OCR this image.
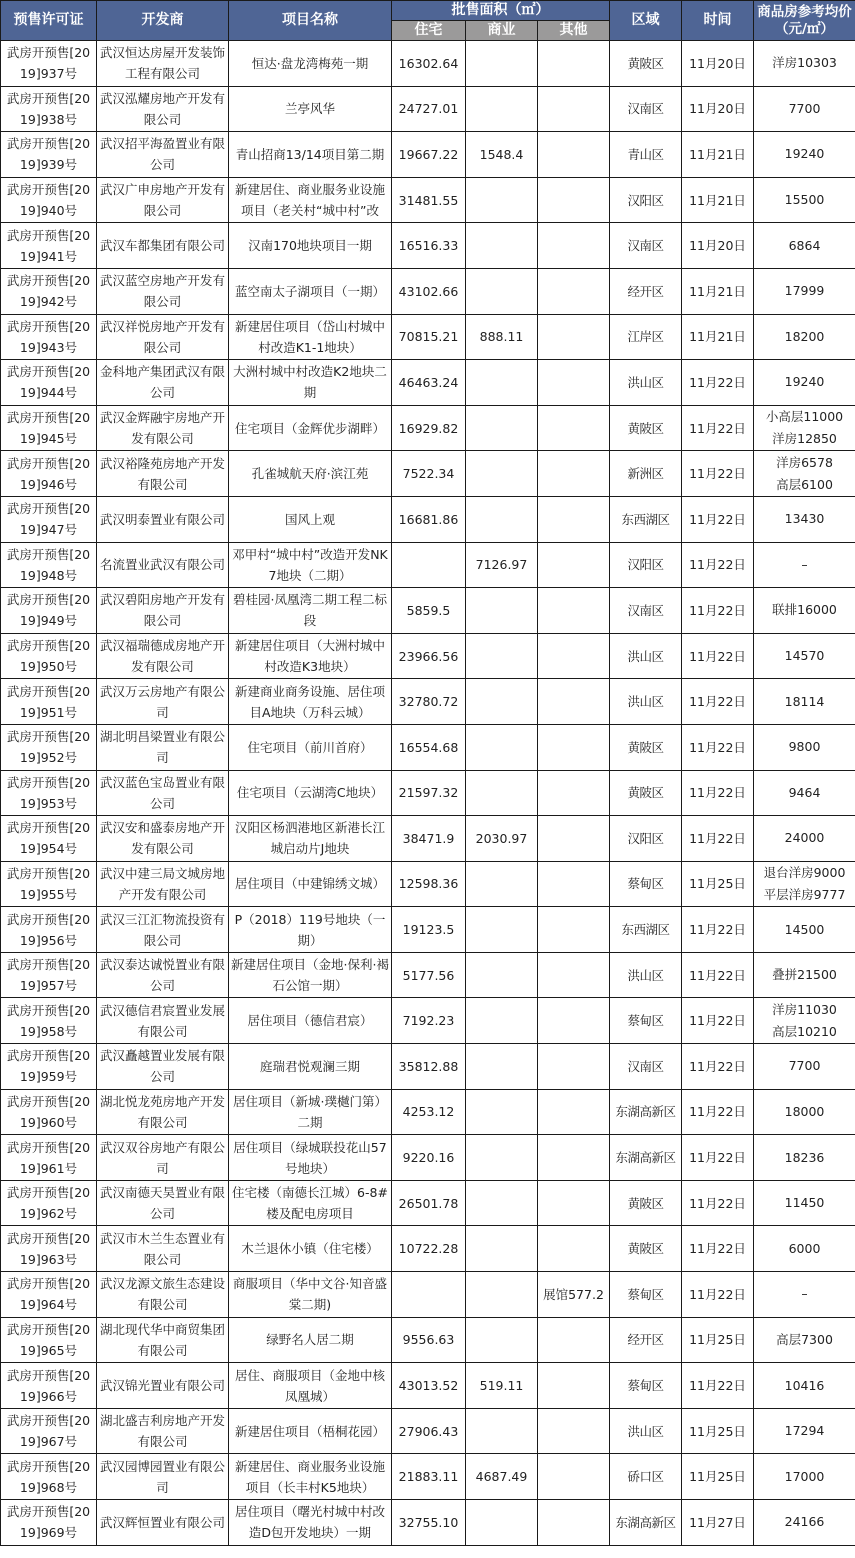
预售许可证	开发商	项目名称	批售面积（㎡）			区域	时间	商品房参考均价（元/㎡）
			住宅	商业	其他			
武房开预售[2019]937号	武汉恒达房屋开发装饰工程有限公司	恒达·盘龙湾梅苑一期	16302.64			黄陂区	11月20日	洋房10303
武房开预售[2019]938号	武汉泓耀房地产开发有限公司	兰亭风华	24727.01			汉南区	11月20日	7700
武房开预售[2019]939号	武汉招平海盈置业有限公司	青山招商13/14项目第二期	19667.22	1548.4		青山区	11月21日	19240
武房开预售[2019]940号	武汉广申房地产开发有限公司	新建居住、商业服务业设施项目（老关村“城中村”改	31481.55			汉阳区	11月21日	15500
武房开预售[2019]941号	武汉车都集团有限公司	汉南170地块项目一期	16516.33			汉南区	11月20日	6864
武房开预售[2019]942号	武汉蓝空房地产开发有限公司	蓝空南太子湖项目（一期）	43102.66			经开区	11月21日	17999
武房开预售[2019]943号	武汉祥悦房地产开发有限公司	新建居住项目（岱山村城中村改造K1-1地块）	70815.21	888.11		江岸区	11月21日	18200
武房开预售[2019]944号	金科地产集团武汉有限公司	大洲村城中村改造K2地块二期	46463.24			洪山区	11月22日	19240
武房开预售[2019]945号	武汉金辉融宇房地产开发有限公司	住宅项目（金辉优步湖畔）	16929.82			黄陂区	11月22日	小高层11000
洋房12850
武房开预售[2019]946号	武汉裕隆苑房地产开发有限公司	孔雀城航天府·滨江苑	7522.34			新洲区	11月22日	洋房6578
高层6100
武房开预售[2019]947号	武汉明泰置业有限公司	国风上观	16681.86			东西湖区	11月22日	13430
武房开预售[2019]948号	名流置业武汉有限公司	邓甲村“城中村”改造开发NK7地块（二期）		7126.97		汉阳区	11月22日	–
武房开预售[2019]949号	武汉碧阳房地产开发有限公司	碧桂园·凤凰湾二期工程二标段	5859.5			汉南区	11月22日	联排16000
武房开预售[2019]950号	武汉福瑞德成房地产开发有限公司	新建居住项目（大洲村城中村改造K3地块）	23966.56			洪山区	11月22日	14570
武房开预售[2019]951号	武汉万云房地产有限公司	新建商业商务设施、居住项目A地块（万科云城）	32780.72			洪山区	11月22日	18114
武房开预售[2019]952号	湖北明昌梁置业有限公司	住宅项目（前川首府）	16554.68			黄陂区	11月22日	9800
武房开预售[2019]953号	武汉蓝色宝岛置业有限公司	住宅项目（云湖湾C地块）	21597.32			黄陂区	11月22日	9464
武房开预售[2019]954号	武汉安和盛泰房地产开发有限公司	汉阳区杨泗港地区新港长江城启动片J地块	38471.9	2030.97		汉阳区	11月22日	24000
武房开预售[2019]955号	武汉中建三局文城房地产开发有限公司	居住项目（中建锦绣文城）	12598.36			蔡甸区	11月25日	退台洋房9000
平层洋房9777
武房开预售[2019]956号	武汉三江汇物流投资有限公司	P（2018）119号地块（一期）	19123.5			东西湖区	11月22日	14500
武房开预售[2019]957号	武汉泰达诚悦置业有限公司	新建居住项目（金地·保利·褐石公馆一期）	5177.56			洪山区	11月22日	叠拼21500
武房开预售[2019]958号	武汉德信君宸置业发展有限公司	居住项目（德信君宸）	7192.23			蔡甸区	11月22日	洋房11030
高层10210
武房开预售[2019]959号	武汉矗越置业发展有限公司	庭瑞君悦观澜三期	35812.88			汉南区	11月22日	7700
武房开预售[2019]960号	湖北悦龙苑房地产开发有限公司	居住项目（新城·璞樾门第）二期	4253.12			东湖高新区	11月22日	18000
武房开预售[2019]961号	武汉双谷房地产有限公司	居住项目（绿城联投花山57号地块）	9220.16			东湖高新区	11月22日	18236
武房开预售[2019]962号	武汉南德天昊置业有限公司	住宅楼（南德长江城）6-8#楼及配电房项目	26501.78			黄陂区	11月22日	11450
武房开预售[2019]963号	武汉市木兰生态置业有限公司	木兰退休小镇（住宅楼）	10722.28			黄陂区	11月22日	6000
武房开预售[2019]964号	武汉龙源文旅生态建设有限公司	商服项目（华中文谷·知音盛棠二期)			展馆577.2	蔡甸区	11月22日	–
武房开预售[2019]965号	湖北现代华中商贸集团有限公司	绿野名人居二期	9556.63			经开区	11月25日	高层7300
武房开预售[2019]966号	武汉锦光置业有限公司	居住、商服项目（金地中核凤凰城）	43013.52	519.11		蔡甸区	11月22日	10416
武房开预售[2019]967号	湖北盛吉利房地产开发有限公司	新建居住项目（梧桐花园）	27906.43			洪山区	11月25日	17294
武房开预售[2019]968号	武汉园博园置业有限公司	新建居住、商业服务业设施项目（长丰村K5地块）	21883.11	4687.49		硚口区	11月25日	17000
武房开预售[2019]969号	武汉辉恒置业有限公司	居住项目（曙光村城中村改造D包开发地块）一期	32755.10			东湖高新区	11月27日	24166
